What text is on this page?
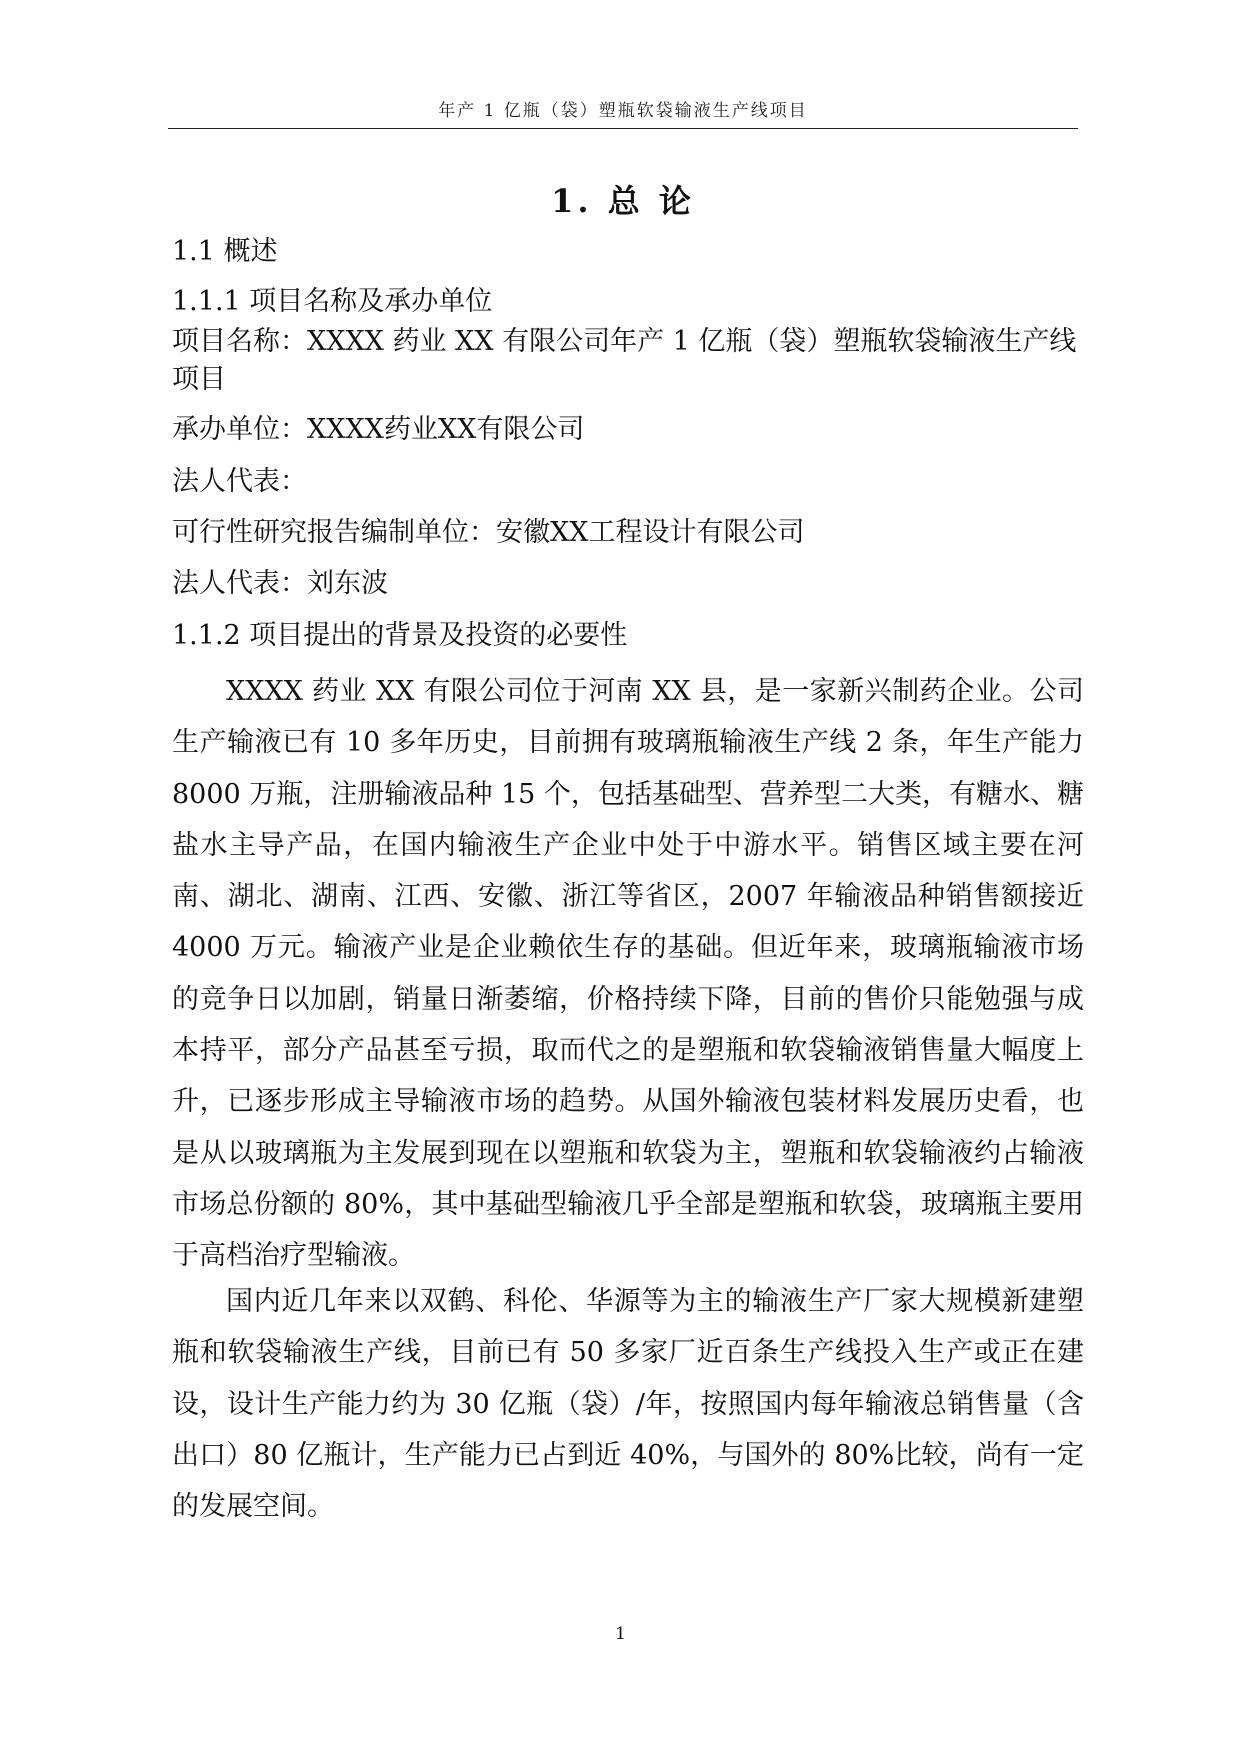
年产 1 亿瓶（袋）塑瓶软袋输液生产线项目
1. 总 论
1.1 概述
1.1.1 项目名称及承办单位
项目名称：XXXX 药业 XX 有限公司年产 1 亿瓶（袋）塑瓶软袋输液生产线项目
承办单位：XXXX药业XX有限公司
法人代表：
可行性研究报告编制单位：安徽XX工程设计有限公司
法人代表：刘东波
1.1.2 项目提出的背景及投资的必要性
XXXX 药业 XX 有限公司位于河南 XX 县，是一家新兴制药企业。公司生产输液已有 10 多年历史，目前拥有玻璃瓶输液生产线 2 条，年生产能力 8000 万瓶，注册输液品种 15 个，包括基础型、营养型二大类，有糖水、糖盐水主导产品，在国内输液生产企业中处于中游水平。销售区域主要在河南、湖北、湖南、江西、安徽、浙江等省区，2007 年输液品种销售额接近 4000 万元。输液产业是企业赖依生存的基础。但近年来，玻璃瓶输液市场的竞争日以加剧，销量日渐萎缩，价格持续下降，目前的售价只能勉强与成本持平，部分产品甚至亏损，取而代之的是塑瓶和软袋输液销售量大幅度上升，已逐步形成主导输液市场的趋势。从国外输液包装材料发展历史看，也是从以玻璃瓶为主发展到现在以塑瓶和软袋为主，塑瓶和软袋输液约占输液市场总份额的 80%，其中基础型输液几乎全部是塑瓶和软袋，玻璃瓶主要用于高档治疗型输液。
国内近几年来以双鹤、科伦、华源等为主的输液生产厂家大规模新建塑瓶和软袋输液生产线，目前已有 50 多家厂近百条生产线投入生产或正在建设，设计生产能力约为 30 亿瓶（袋）/年，按照国内每年输液总销售量（含出口）80 亿瓶计，生产能力已占到近 40%，与国外的 80%比较，尚有一定的发展空间。
1
